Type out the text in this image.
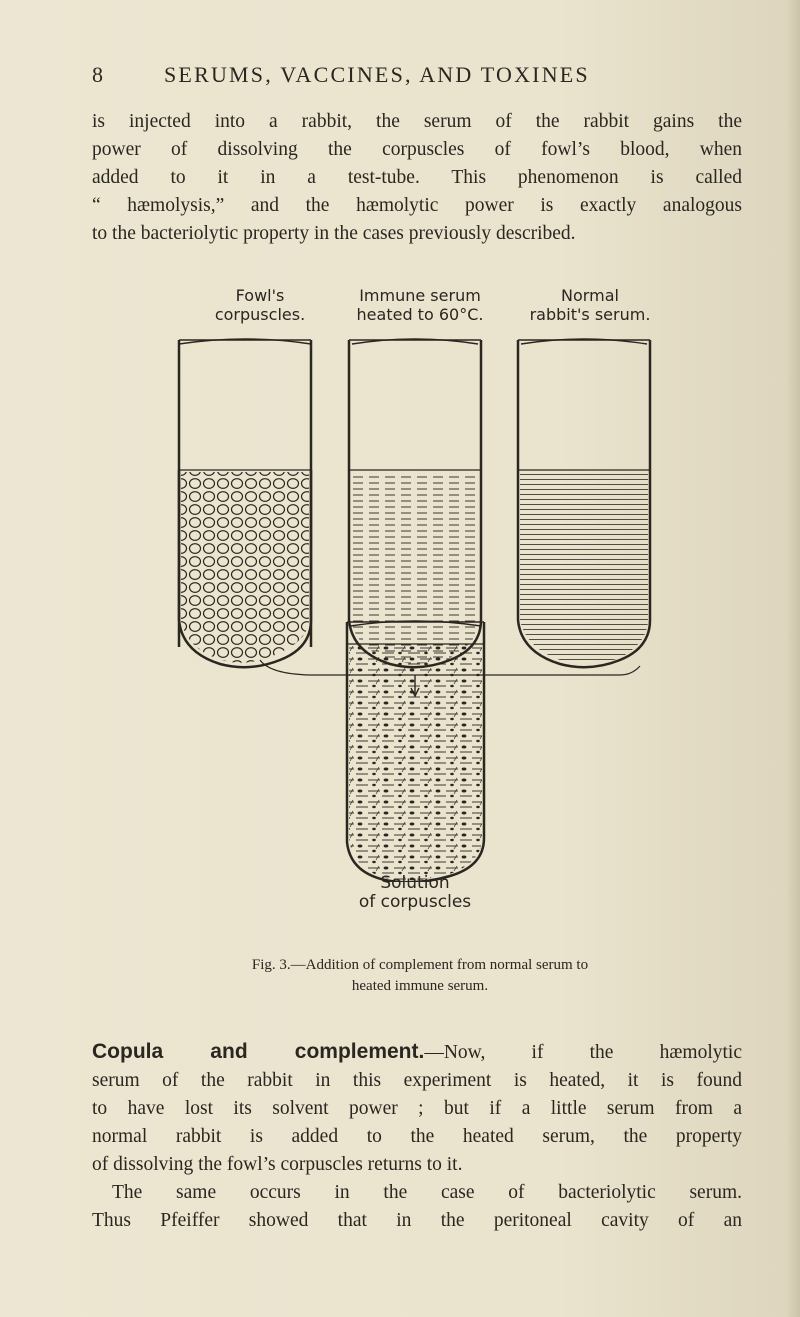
8	SERUMS, VACCINES, AND TOXINES
is injected into a rabbit, the serum of the rabbit gains the
power of dissolving the corpuscles of fowl’s blood, when
added to it in a test-tube. This phenomenon is called
“ hæmolysis,” and the hæmolytic power is exactly analogous
to the bacteriolytic property in the cases previously described.
Fowl's
corpuscles.
Immune serum
heated to 60°C.
Normal
rabbit's serum.
Solution
of corpuscles
Fig. 3.—Addition of complement from normal serum to
heated immune serum.
Copula and complement.—Now, if the hæmolytic
serum of the rabbit in this experiment is heated, it is found
to have lost its solvent power ; but if a little serum from a
normal rabbit is added to the heated serum, the property
of dissolving the fowl’s corpuscles returns to it.
The same occurs in the case of bacteriolytic serum.
Thus Pfeiffer showed that in the peritoneal cavity of an
